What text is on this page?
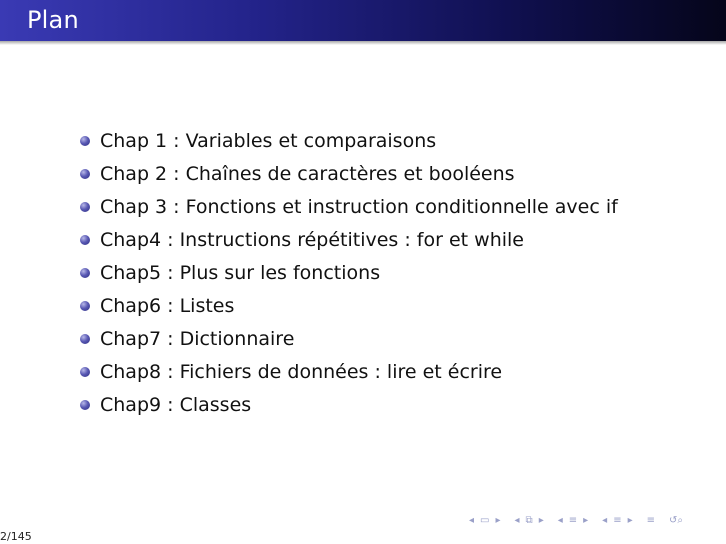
Plan
Chap 1 : Variables et comparaisons
Chap 2 : Chaînes de caractères et booléens
Chap 3 : Fonctions et instruction conditionnelle avec if
Chap4 : Instructions répétitives : for et while
Chap5 : Plus sur les fonctions
Chap6 : Listes
Chap7 : Dictionnaire
Chap8 : Fichiers de données : lire et écrire
Chap9 : Classes
◂ ▭ ▸ ◂ ⧉ ▸ ◂ ≡ ▸ ◂ ≡ ▸ ≡ ↺⌕
2/145
